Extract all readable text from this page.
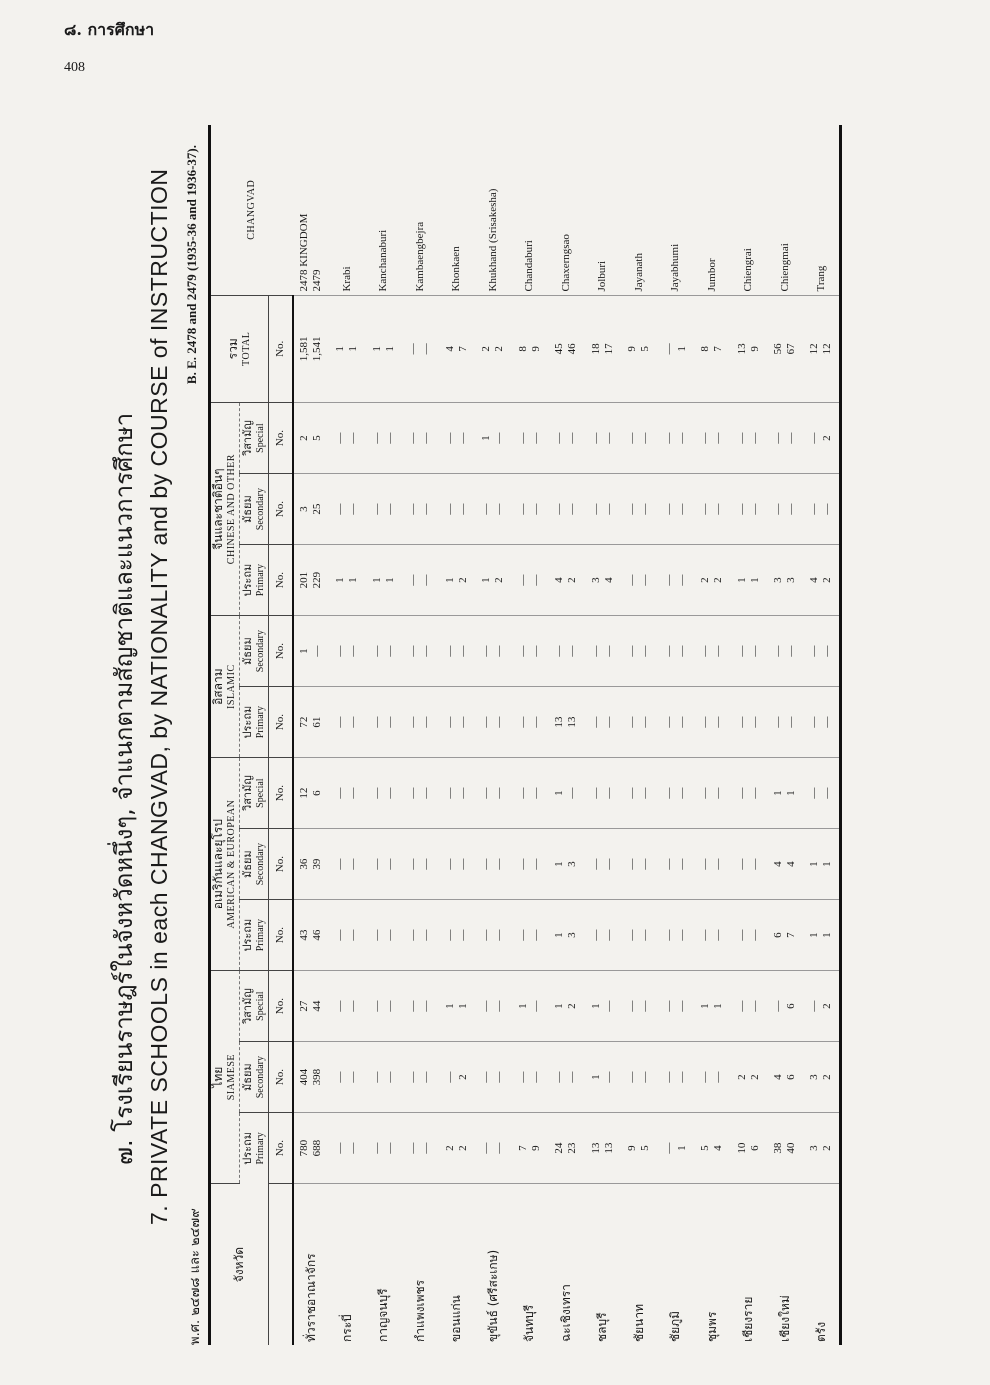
๘. การศึกษา
408
๗. โรงเรียนราษฎร์ในจังหวัดหนึ่งๆ, จำแนกตามสัญชาติและแนวการศึกษา 7. PRIVATE SCHOOLS in each CHANGVAD, by NATIONALITY and by COURSE of INSTRUCTION
พ.ศ. ๒๔๗๘ และ ๒๔๗๙
B. E. 2478 and 2479 (1935-36 and 1936-37).
จังหวัด	ไทย SIAMESE			อเมริกันและยุโรป AMERICAN & EUROPEAN			อิสลาม ISLAMIC		จีนและชาติอื่นๆ CHINESE AND OTHER			รวม TOTAL	CHANGVAD

	ประถม Primary	มัธยม Secondary	วิสามัญ Special	ประถม Primary	มัธยม Secondary	วิสามัญ Special	ประถม Primary	มัธยม Secondary	ประถม Primary	มัธยม Secondary	วิสามัญ Special		

	No.	No.	No.	No.	No.	No.	No.	No.	No.	No.	No.	No.	
ทั่วราชอาณาจักร	780 688	404 398	27 44	43 46	36 39	12 6	72 61	1 —	201 229	3 25	2 5	1,581 1,541	2478 KINGDOM 2479

กระบี่	— —	— —	— —	— —	— —	— —	— —	— —	1 1	— —	— —	1 1	Krabi

กาญจนบุรี	— —	— —	— —	— —	— —	— —	— —	— —	1 1	— —	— —	1 1	Kanchanaburi

กำแพงเพชร	— —	— —	— —	— —	— —	— —	— —	— —	— —	— —	— —	— —	Kambaengbejra

ขอนแก่น	2 2	— 2	1 1	— —	— —	— —	— —	— —	1 2	— —	— —	4 7	Khonkaen

ขุขันธ์ (ศรีสะเกษ)	— —	— —	— —	— —	— —	— —	— —	— —	1 2	— —	1 —	2 2	Khukhand (Srisakesha)

จันทบุรี	7 9	— —	1 —	— —	— —	— —	— —	— —	— —	— —	— —	8 9	Chandaburi

ฉะเชิงเทรา	24 23	— —	1 2	1 3	1 3	1 —	13 13	— —	4 2	— —	— —	45 46	Chaxerngsao

ชลบุรี	13 13	1 —	1 —	— —	— —	— —	— —	— —	3 4	— —	— —	18 17	Jolburi

ชัยนาท	9 5	— —	— —	— —	— —	— —	— —	— —	— —	— —	— —	9 5	Jayanath

ชัยภูมิ	— 1	— —	— —	— —	— —	— —	— —	— —	— —	— —	— —	— 1	Jayabhumi

ชุมพร	5 4	— —	1 1	— —	— —	— —	— —	— —	2 2	— —	— —	8 7	Jumbor

เชียงราย	10 6	2 2	— —	— —	— —	— —	— —	— —	1 1	— —	— —	13 9	Chiengrai

เชียงใหม่	38 40	4 6	— 6	6 7	4 4	1 1	— —	— —	3 3	— —	— —	56 67	Chiengmai

ตรัง	3 2	3 2	— 2	1 1	1 1	— —	— —	— —	4 2	— —	— 2	12 12	Trang
